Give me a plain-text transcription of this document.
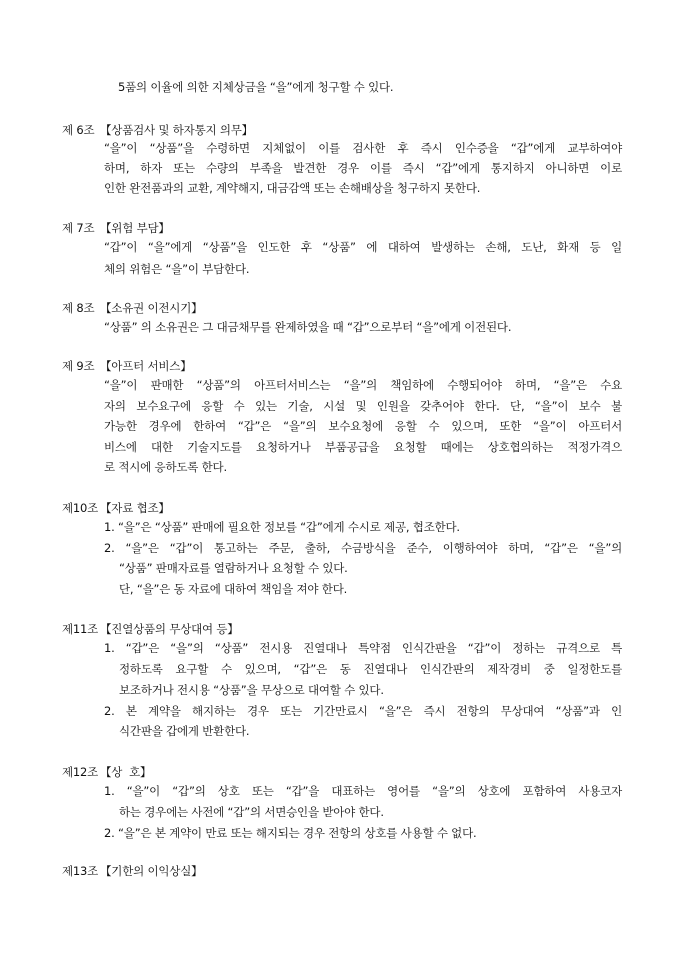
5품의 이율에 의한 지체상금을 “을”에게 청구할 수 있다.
제 6조 【상품검사 및 하자통지 의무】
“을”이 “상품”을 수령하면 지체없이 이를 검사한 후 즉시 인수증을 “갑”에게 교부하여야
하며, 하자 또는 수량의 부족을 발견한 경우 이를 즉시 “갑”에게 통지하지 아니하면 이로
인한 완전품과의 교환, 계약해지, 대금감액 또는 손해배상을 청구하지 못한다.
제 7조 【위험 부담】
“갑”이 “을”에게 “상품”을 인도한 후 “상품” 에 대하여 발생하는 손해, 도난, 화재 등 일
체의 위험은 “을”이 부담한다.
제 8조 【소유권 이전시기】
“상품” 의 소유권은 그 대금채무를 완제하였을 때 “갑”으로부터 “을”에게 이전된다.
제 9조 【아프터 서비스】
“을”이 판매한 “상품”의 아프터서비스는 “을”의 책임하에 수행되어야 하며, “을”은 수요
자의 보수요구에 응할 수 있는 기술, 시설 및 인원을 갖추어야 한다. 단, “을”이 보수 불
가능한 경우에 한하여 “갑”은 “을”의 보수요청에 응할 수 있으며, 또한 “을”이 아프터서
비스에 대한 기술지도를 요청하거나 부품공급을 요청할 때에는 상호협의하는 적정가격으
로 적시에 응하도록 한다.
제10조 【자료 협조】
1. “을”은 “상품” 판매에 필요한 정보를 “갑”에게 수시로 제공, 협조한다.
2. “을”은 “갑”이 통고하는 주문, 출하, 수금방식을 준수, 이행하여야 하며, “갑”은 “을”의
“상품” 판매자료를 열람하거나 요청할 수 있다.
단, “을”은 동 자료에 대하여 책임을 져야 한다.
제11조 【진열상품의 무상대여 등】
1. “갑”은 “을”의 “상품” 전시용 진열대나 특약점 인식간판을 “갑”이 정하는 규격으로 특
정하도록 요구할 수 있으며, “갑”은 동 진열대나 인식간판의 제작경비 중 일정한도를
보조하거나 전시용 “상품”을 무상으로 대여할 수 있다.
2. 본 계약을 해지하는 경우 또는 기간만료시 “을”은 즉시 전항의 무상대여 “상품”과 인
식간판을 갑에게 반환한다.
제12조 【상  호】
1. “을”이 “갑”의 상호 또는 “갑”을 대표하는 영어를 “을”의 상호에 포함하여 사용코자
하는 경우에는 사전에 “갑”의 서면승인을 받아야 한다.
2. “을”은 본 계약이 만료 또는 해지되는 경우 전항의 상호를 사용할 수 없다.
제13조 【기한의 이익상실】
